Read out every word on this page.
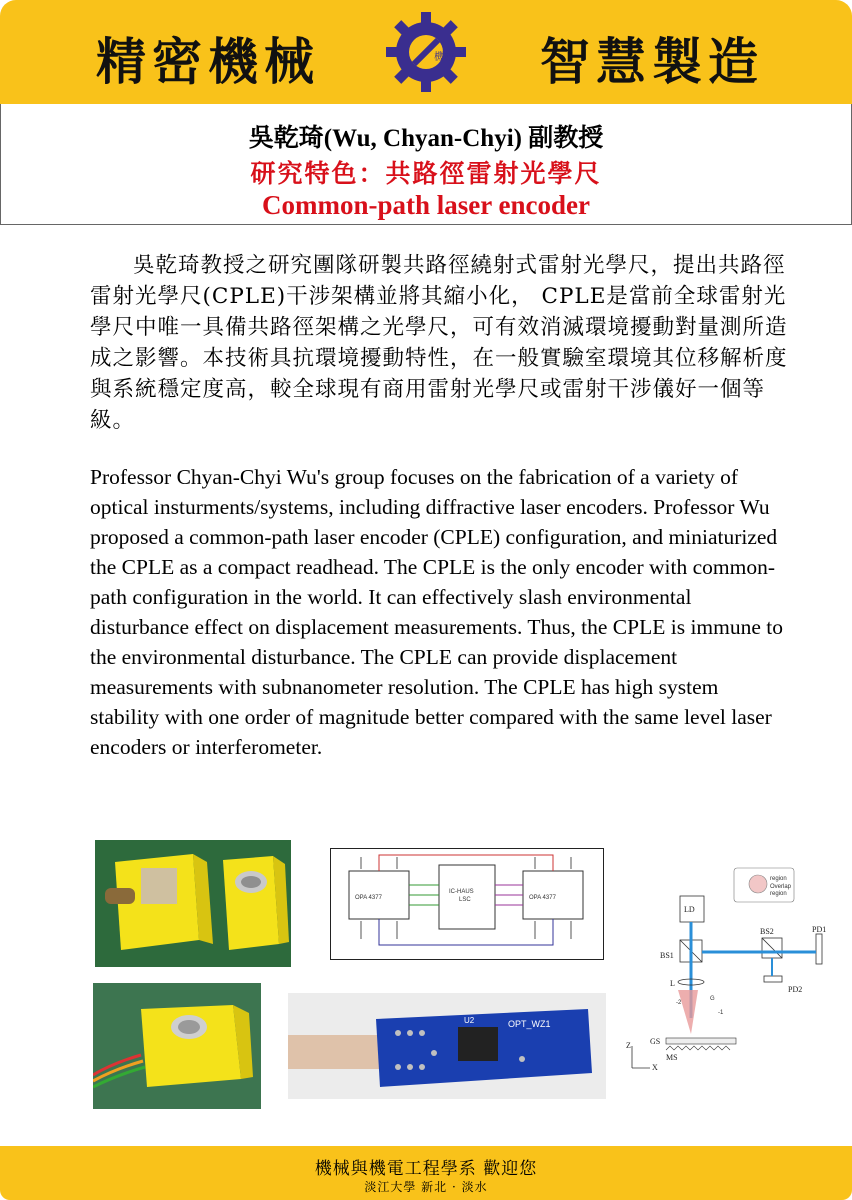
精密機械	機械 智慧製造
吳乾琦(Wu, Chyan-Chyi) 副教授
研究特色：共路徑雷射光學尺
Common-path laser encoder
吳乾琦教授之研究團隊研製共路徑繞射式雷射光學尺，提出共路徑雷射光學尺(CPLE)干涉架構並將其縮小化， CPLE是當前全球雷射光學尺中唯一具備共路徑架構之光學尺，可有效消滅環境擾動對量測所造成之影響。本技術具抗環境擾動特性，在一般實驗室環境其位移解析度與系統穩定度高，較全球現有商用雷射光學尺或雷射干涉儀好一個等級。
Professor Chyan-Chyi Wu's group focuses on the fabrication of a variety of optical insturments/systems, including diffractive laser encoders. Professor Wu proposed a common-path laser encoder (CPLE) configuration, and miniaturized the CPLE as a compact readhead. The CPLE is the only encoder with common-path configuration in the world. It can effectively slash environmental disturbance effect on displacement measurements. Thus, the CPLE is immune to the environmental disturbance. The CPLE can provide displacement measurements with subnanometer resolution. The CPLE has high system stability with one order of magnitude better compared with the same level laser encoders or interferometer.
OPA 4377
IC-HAUS
LSC	OPA 4377
region
Overlap
region
LD
BS1
BS2	PD1
PD2
L
G
-2
-1
GS
MS
Z
X
OPT_WZ1
U2
機械與機電工程學系 歡迎您
淡江大學 新北 · 淡水
